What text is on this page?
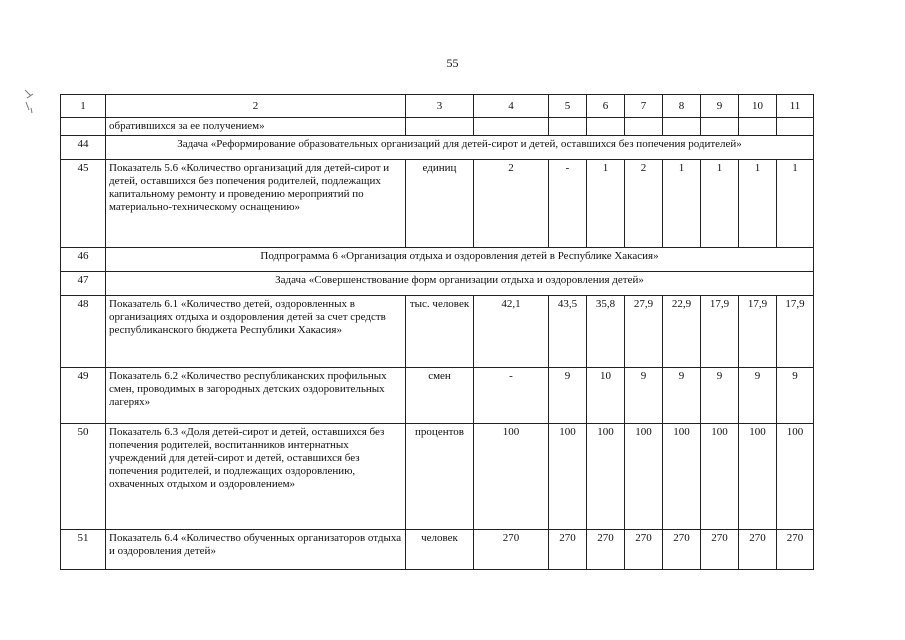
55
1	2	3	4	5	6	7	8	9	10	11
	обратившихся за ее получением»									
44	Задача «Реформирование образовательных организаций для детей-сирот и детей, оставшихся без попечения родителей»									
45	Показатель 5.6 «Количество организаций для детей-сирот и детей, оставшихся без попечения родителей, подлежащих капитальному ремонту и проведению мероприятий по материально-техническому оснащению»	единиц	2	-	1	2	1	1	1	1
46	Подпрограмма 6 «Организация отдыха и оздоровления детей в Республике Хакасия»									
47	Задача «Совершенствование форм организации отдыха и оздоровления детей»									
48	Показатель 6.1 «Количество детей, оздоровленных в организациях отдыха и оздоровления детей за счет средств республиканского бюджета Республики Хакасия»	тыс. человек	42,1	43,5	35,8	27,9	22,9	17,9	17,9	17,9
49	Показатель 6.2 «Количество республиканских профильных смен, проводимых в загородных детских оздоровительных лагерях»	смен	-	9	10	9	9	9	9	9
50	Показатель 6.3 «Доля детей-сирот и детей, оставшихся без попечения родителей, воспитанников интернатных учреждений для детей-сирот и детей, оставшихся без попечения родителей, и подлежащих оздоровлению, охваченных отдыхом и оздоровлением»	процентов	100	100	100	100	100	100	100	100
51	Показатель 6.4 «Количество обученных организаторов отдыха и оздоровления детей»	человек	270	270	270	270	270	270	270	270
